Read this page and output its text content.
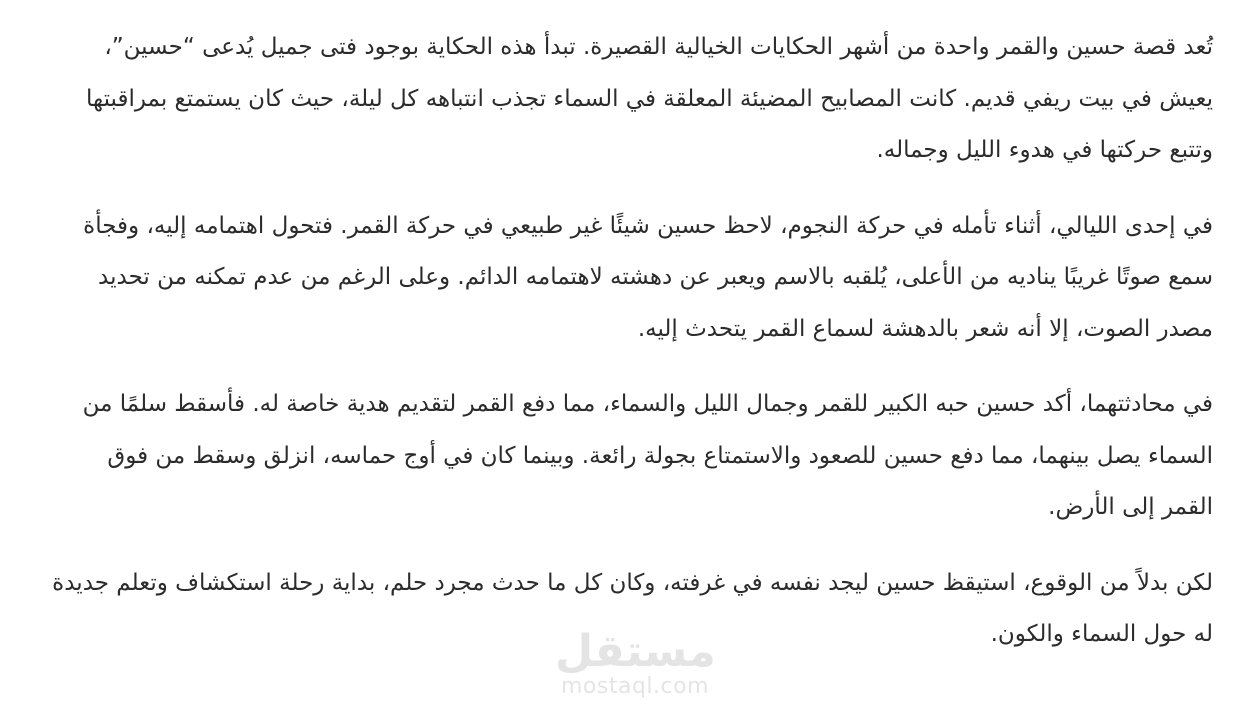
تُعد قصة حسين والقمر واحدة من أشهر الحكايات الخيالية القصيرة. تبدأ هذه الحكاية بوجود فتى جميل يُدعى “حسين”، يعيش في بيت ريفي قديم. كانت المصابيح المضيئة المعلقة في السماء تجذب انتباهه كل ليلة، حيث كان يستمتع بمراقبتها وتتبع حركتها في هدوء الليل وجماله.

في إحدى الليالي، أثناء تأمله في حركة النجوم، لاحظ حسين شيئًا غير طبيعي في حركة القمر. فتحول اهتمامه إليه، وفجأة سمع صوتًا غريبًا يناديه من الأعلى، يُلقبه بالاسم ويعبر عن دهشته لاهتمامه الدائم. وعلى الرغم من عدم تمكنه من تحديد مصدر الصوت، إلا أنه شعر بالدهشة لسماع القمر يتحدث إليه.

في محادثتهما، أكد حسين حبه الكبير للقمر وجمال الليل والسماء، مما دفع القمر لتقديم هدية خاصة له. فأسقط سلمًا من السماء يصل بينهما، مما دفع حسين للصعود والاستمتاع بجولة رائعة. وبينما كان في أوج حماسه، انزلق وسقط من فوق القمر إلى الأرض.

لكن بدلاً من الوقوع، استيقظ حسين ليجد نفسه في غرفته، وكان كل ما حدث مجرد حلم، بداية رحلة استكشاف وتعلم جديدة له حول السماء والكون.

مستقل
mostaql.com
